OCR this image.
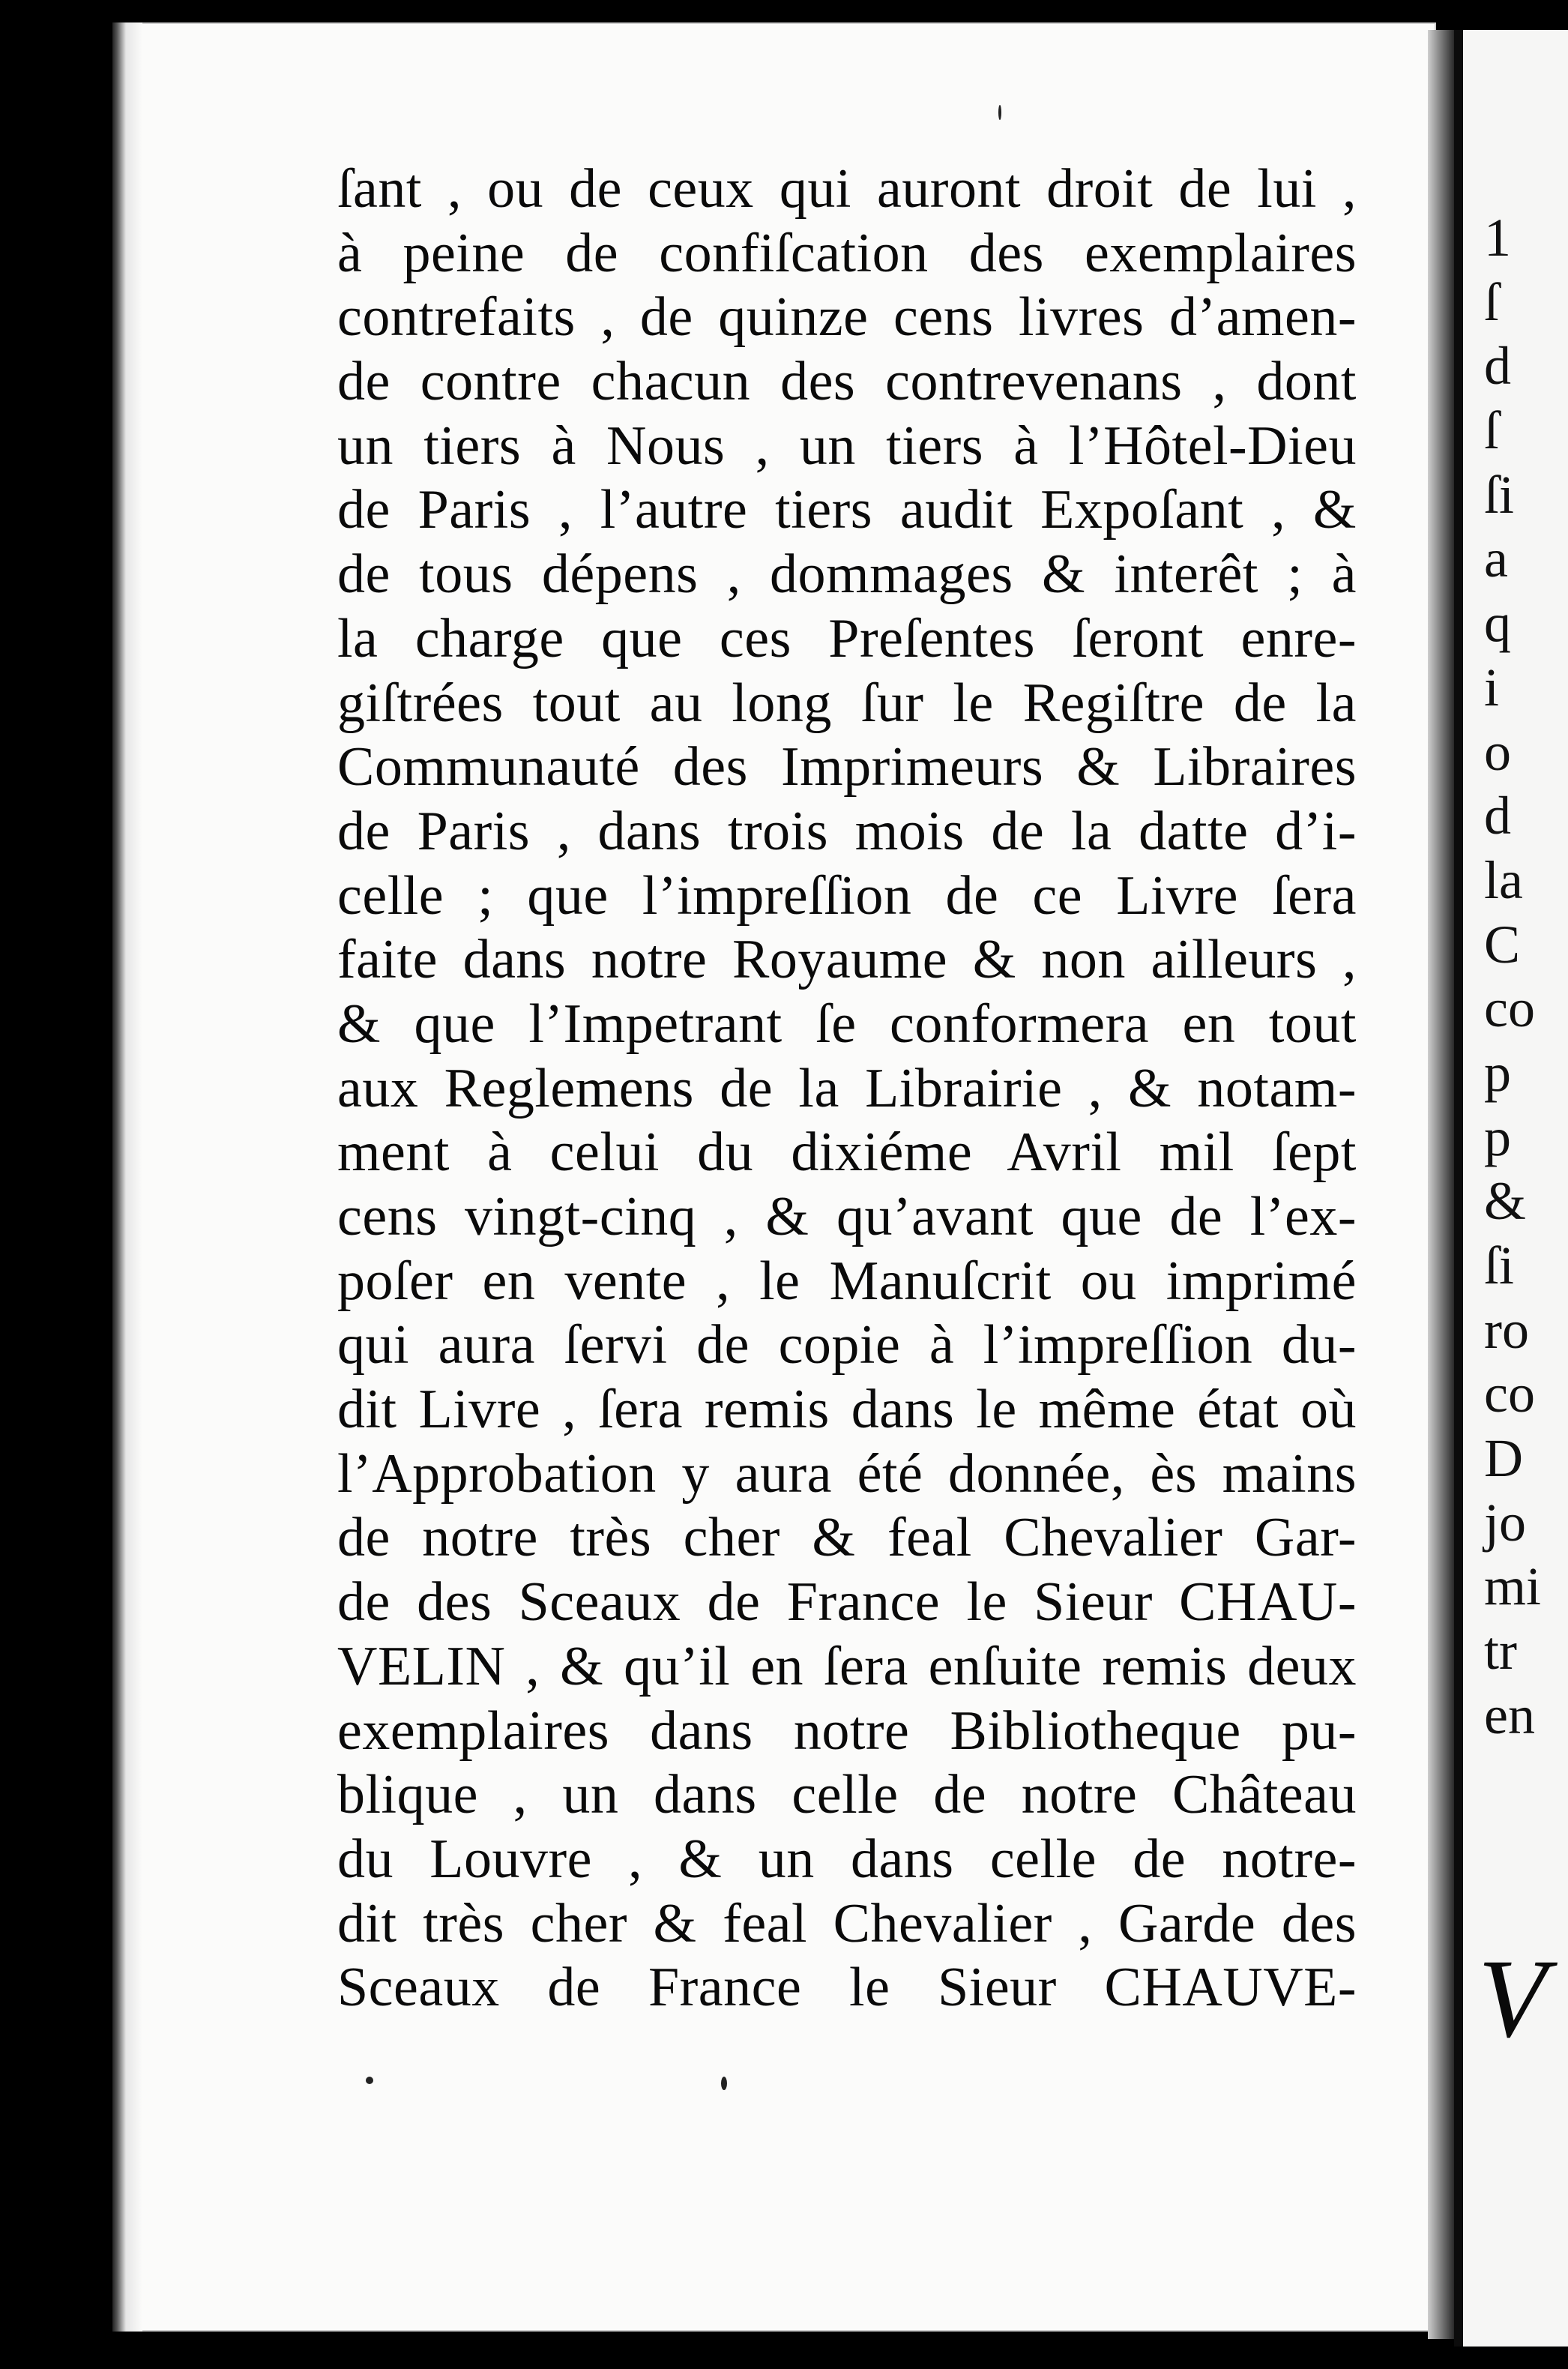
ſant , ou de ceux qui auront droit de lui ,
à peine de confiſcation des exemplaires
contrefaits , de quinze cens livres d’amen-
de contre chacun des contrevenans , dont
un tiers à Nous , un tiers à l’Hôtel-Dieu
de Paris , l’autre tiers audit Expoſant , &
de tous dépens , dommages & interêt ; à
la charge que ces Preſentes ſeront enre-
giſtrées tout au long ſur le Regiſtre de la
Communauté des Imprimeurs & Libraires
de Paris , dans trois mois de la datte d’i-
celle ; que l’impreſſion de ce Livre ſera
faite dans notre Royaume & non ailleurs ,
& que l’Impetrant ſe conformera en tout
aux Reglemens de la Librairie , & notam-
ment à celui du dixiéme Avril mil ſept
cens vingt-cinq , & qu’avant que de l’ex-
poſer en vente , le Manuſcrit ou imprimé
qui aura ſervi de copie à l’impreſſion du-
dit Livre , ſera remis dans le même état où
l’Approbation y aura été donnée, ès mains
de notre très cher & feal Chevalier Gar-
de des Sceaux de France le Sieur CHAU-
VELIN , & qu’il en ſera enſuite remis deux
exemplaires dans notre Bibliotheque pu-
blique , un dans celle de notre Château
du Louvre , & un dans celle de notre-
dit très cher & feal Chevalier , Garde des
Sceaux de France le Sieur CHAUVE-
1
ſ
d
ſ
ſi
a
q
i
o
d
la
C
co
p
p
&
ſi
ro
co
D
jo
mi
tr
en
V
